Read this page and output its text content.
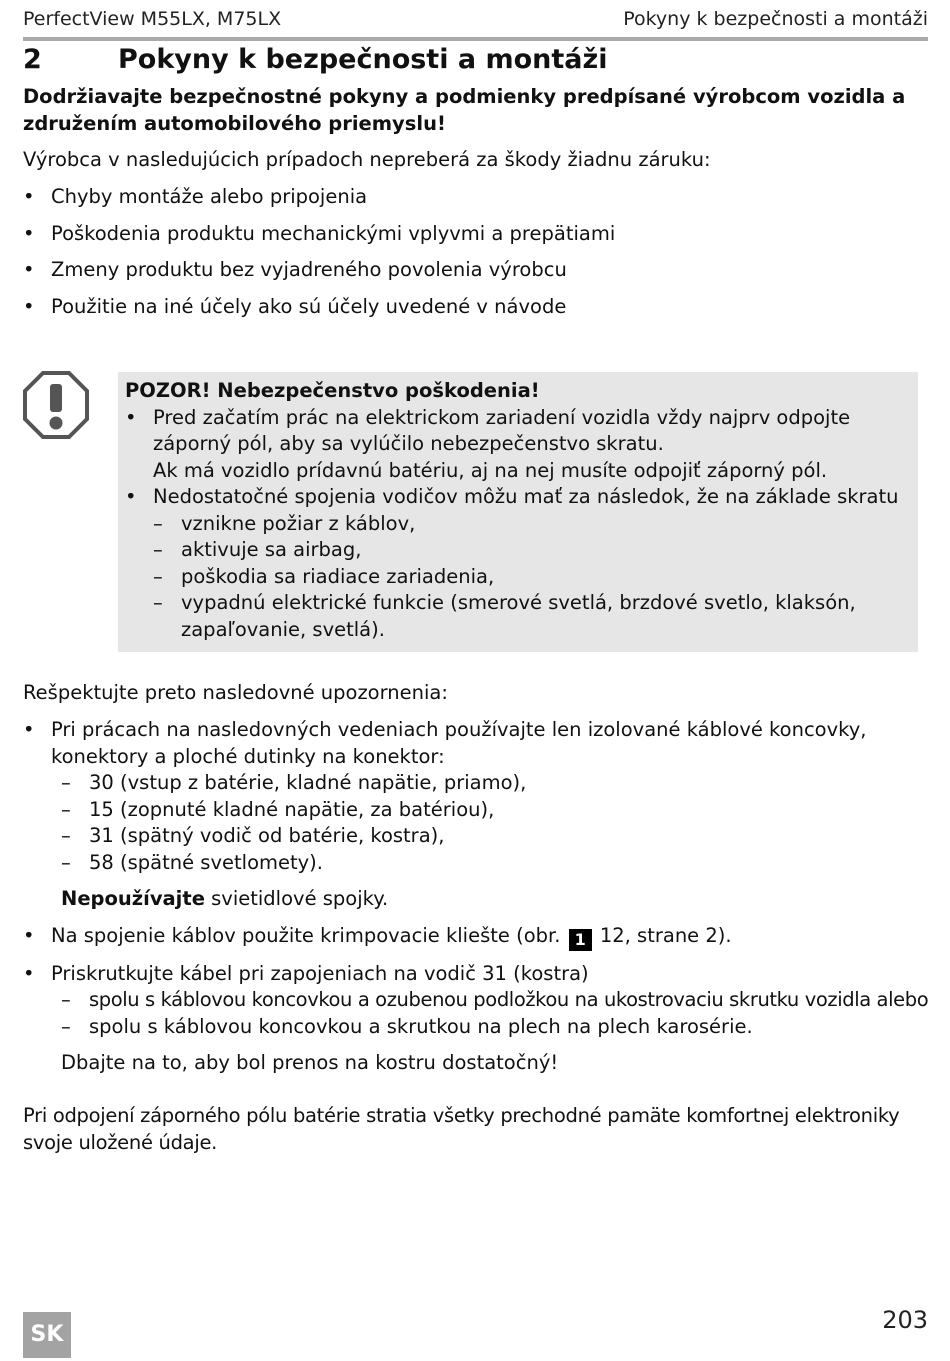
PerfectView M55LX, M75LX	Pokyny k bezpečnosti a montáži
2	Pokyny k bezpečnosti a montáži
Dodržiavajte bezpečnostné pokyny a podmienky predpísané výrobcom vozidla a združením automobilového priemyslu!
Výrobca v nasledujúcich prípadoch nepreberá za škody žiadnu záruku:
• Chyby montáže alebo pripojenia
• Poškodenia produktu mechanickými vplyvmi a prepätiami
• Zmeny produktu bez vyjadreného povolenia výrobcu
• Použitie na iné účely ako sú účely uvedené v návode
POZOR! Nebezpečenstvo poškodenia!
• Pred začatím prác na elektrickom zariadení vozidla vždy najprv odpojte záporný pól, aby sa vylúčilo nebezpečenstvo skratu.
Ak má vozidlo prídavnú batériu, aj na nej musíte odpojiť záporný pól.
• Nedostatočné spojenia vodičov môžu mať za následok, že na základe skratu
– vznikne požiar z káblov,
– aktivuje sa airbag,
– poškodia sa riadiace zariadenia,
– vypadnú elektrické funkcie (smerové svetlá, brzdové svetlo, klaksón, zapaľovanie, svetlá).
Rešpektujte preto nasledovné upozornenia:
• Pri prácach na nasledovných vedeniach používajte len izolované káblové koncovky, konektory a ploché dutinky na konektor:
– 30 (vstup z batérie, kladné napätie, priamo),
– 15 (zopnuté kladné napätie, za batériou),
– 31 (spätný vodič od batérie, kostra),
– 58 (spätné svetlomety).
Nepoužívajte svietidlové spojky.
• Na spojenie káblov použite krimpovacie kliešte (obr. 1 12, strane 2).
• Priskrutkujte kábel pri zapojeniach na vodič 31 (kostra)
– spolu s káblovou koncovkou a ozubenou podložkou na ukostrovaciu skrutku vozidla alebo
– spolu s káblovou koncovkou a skrutkou na plech na plech karosérie.
Dbajte na to, aby bol prenos na kostru dostatočný!
Pri odpojení záporného pólu batérie stratia všetky prechodné pamäte komfortnej elektroniky svoje uložené údaje.
SK
203
